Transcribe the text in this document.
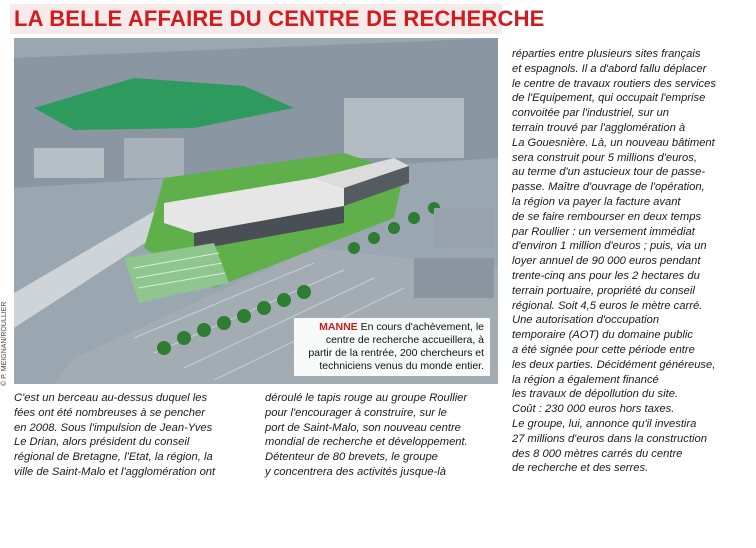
LA BELLE AFFAIRE DU CENTRE DE RECHERCHE
MANNE En cours d'achèvement, le centre de recherche accueillera, à partir de la rentrée, 200 chercheurs et techniciens venus du monde entier.
© P. MEIGNAN/ROULLIER

C'est un berceau au-dessus duquel les

fées ont été nombreuses à se pencher

en 2008. Sous l'impulsion de Jean-Yves

Le Drian, alors président du conseil

régional de Bretagne, l'Etat, la région, la

ville de Saint-Malo et l'agglomération ont

déroulé le tapis rouge au groupe Roullier

pour l'encourager à construire, sur le

port de Saint-Malo, son nouveau centre

mondial de recherche et développement.

Détenteur de 80 brevets, le groupe

y concentrera des activités jusque-là

réparties entre plusieurs sites français

et espagnols. Il a d'abord fallu déplacer

le centre de travaux routiers des services

de l'Equipement, qui occupait l'emprise

convoitée par l'industriel, sur un

terrain trouvé par l'agglomération à

La Gouesnière. Là, un nouveau bâtiment

sera construit pour 5 millions d'euros,

au terme d'un astucieux tour de passe-

passe. Maître d'ouvrage de l'opération,

la région va payer la facture avant

de se faire rembourser en deux temps

par Roullier : un versement immédiat

d'environ 1 million d'euros ; puis, via un

loyer annuel de 90 000 euros pendant

trente-cinq ans pour les 2 hectares du

terrain portuaire, propriété du conseil

régional. Soit 4,5 euros le mètre carré.

Une autorisation d'occupation

temporaire (AOT) du domaine public

a été signée pour cette période entre

les deux parties. Décidément généreuse,

la région a également financé

les travaux de dépollution du site.

Coût : 230 000 euros hors taxes.

Le groupe, lui, annonce qu'il investira

27 millions d'euros dans la construction

des 8 000 mètres carrés du centre

de recherche et des serres.
